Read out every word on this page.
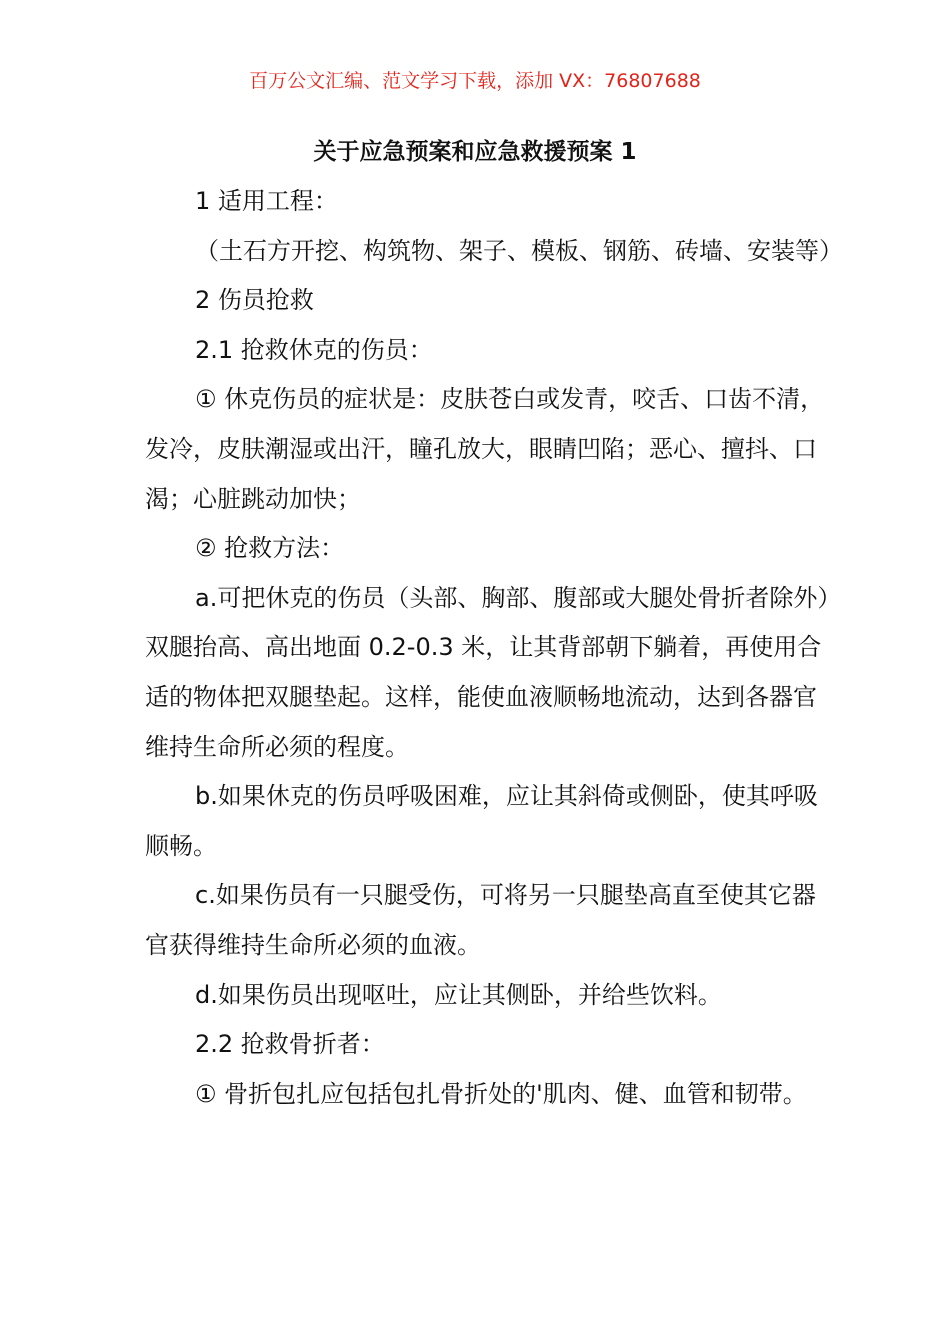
百万公文汇编、范文学习下载，添加 VX：76807688
关于应急预案和应急救援预案 1

1 适用工程：

（土石方开挖、构筑物、架子、模板、钢筋、砖墙、安装等）

2 伤员抢救

2.1 抢救休克的伤员：

① 休克伤员的症状是：皮肤苍白或发青，咬舌、口齿不清，发冷，皮肤潮湿或出汗，瞳孔放大，眼睛凹陷；恶心、擅抖、口渴；心脏跳动加快；

② 抢救方法：

a.可把休克的伤员（头部、胸部、腹部或大腿处骨折者除外）双腿抬高、高出地面 0.2-0.3 米，让其背部朝下躺着，再使用合适的物体把双腿垫起。这样，能使血液顺畅地流动，达到各器官维持生命所必须的程度。

b.如果休克的伤员呼吸困难，应让其斜倚或侧卧，使其呼吸顺畅。

c.如果伤员有一只腿受伤，可将另一只腿垫高直至使其它器官获得维持生命所必须的血液。

d.如果伤员出现呕吐，应让其侧卧，并给些饮料。

2.2 抢救骨折者：

① 骨折包扎应包括包扎骨折处的'肌肉、健、血管和韧带。
